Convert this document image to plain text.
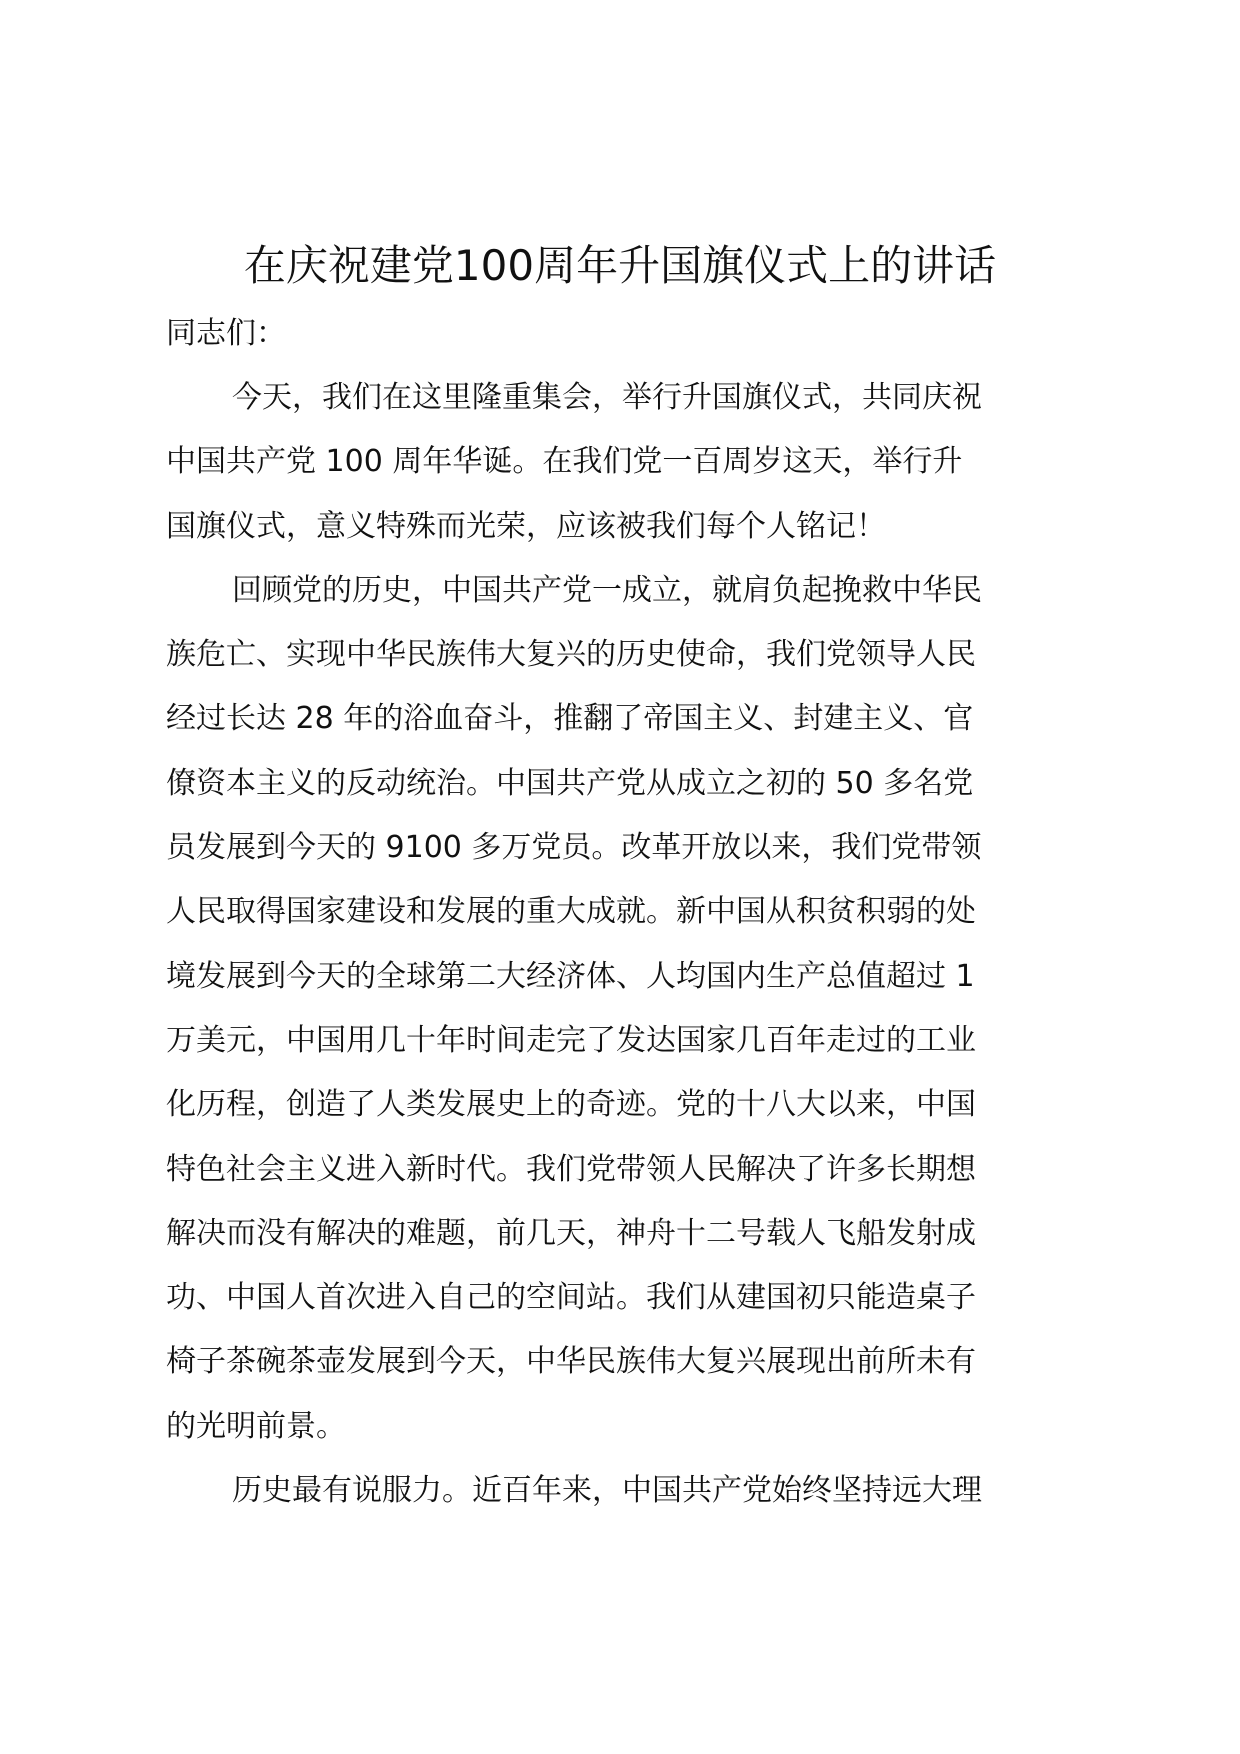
在庆祝建党100周年升国旗仪式上的讲话
同志们：
今天，我们在这里隆重集会，举行升国旗仪式，共同庆祝
中国共产党 100 周年华诞。在我们党一百周岁这天，举行升
国旗仪式，意义特殊而光荣，应该被我们每个人铭记！
回顾党的历史，中国共产党一成立，就肩负起挽救中华民
族危亡、实现中华民族伟大复兴的历史使命，我们党领导人民
经过长达 28 年的浴血奋斗，推翻了帝国主义、封建主义、官
僚资本主义的反动统治。中国共产党从成立之初的 50 多名党
员发展到今天的 9100 多万党员。改革开放以来，我们党带领
人民取得国家建设和发展的重大成就。新中国从积贫积弱的处
境发展到今天的全球第二大经济体、人均国内生产总值超过 1
万美元，中国用几十年时间走完了发达国家几百年走过的工业
化历程，创造了人类发展史上的奇迹。党的十八大以来，中国
特色社会主义进入新时代。我们党带领人民解决了许多长期想
解决而没有解决的难题，前几天，神舟十二号载人飞船发射成
功、中国人首次进入自己的空间站。我们从建国初只能造桌子
椅子茶碗茶壶发展到今天，中华民族伟大复兴展现出前所未有
的光明前景。
历史最有说服力。近百年来，中国共产党始终坚持远大理
